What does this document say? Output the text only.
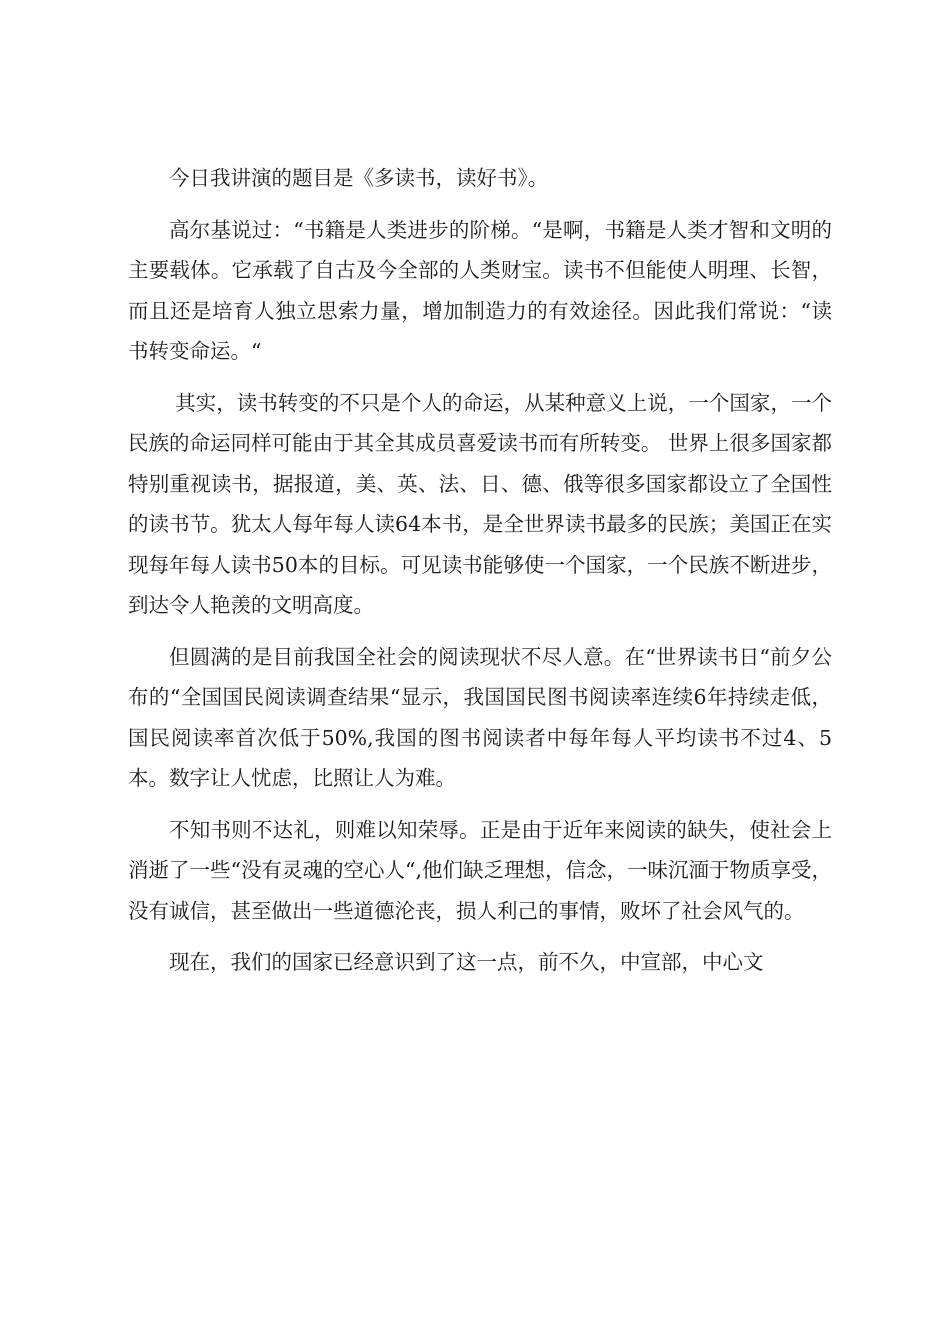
今日我讲演的题目是《多读书，读好书》。

高尔基说过：“书籍是人类进步的阶梯。“是啊，书籍是人类才智和文明的主要载体。它承载了自古及今全部的人类财宝。读书不但能使人明理、长智，而且还是培育人独立思索力量，增加制造力的有效途径。因此我们常说：“读书转变命运。“

其实，读书转变的不只是个人的命运，从某种意义上说，一个国家，一个民族的命运同样可能由于其全其成员喜爱读书而有所转变。 世界上很多国家都特别重视读书，据报道，美、英、法、日、德、俄等很多国家都设立了全国性的读书节。犹太人每年每人读64本书，是全世界读书最多的民族；美国正在实现每年每人读书50本的目标。可见读书能够使一个国家，一个民族不断进步，到达令人艳羡的文明高度。

但圆满的是目前我国全社会的阅读现状不尽人意。在“世界读书日“前夕公布的“全国国民阅读调查结果“显示，我国国民图书阅读率连续6年持续走低，国民阅读率首次低于50%,我国的图书阅读者中每年每人平均读书不过4、5本。数字让人忧虑，比照让人为难。

不知书则不达礼，则难以知荣辱。正是由于近年来阅读的缺失，使社会上消逝了一些“没有灵魂的空心人“,他们缺乏理想，信念，一味沉湎于物质享受，没有诚信，甚至做出一些道德沦丧，损人利己的事情，败坏了社会风气的。

现在，我们的国家已经意识到了这一点，前不久，中宣部，中心文
